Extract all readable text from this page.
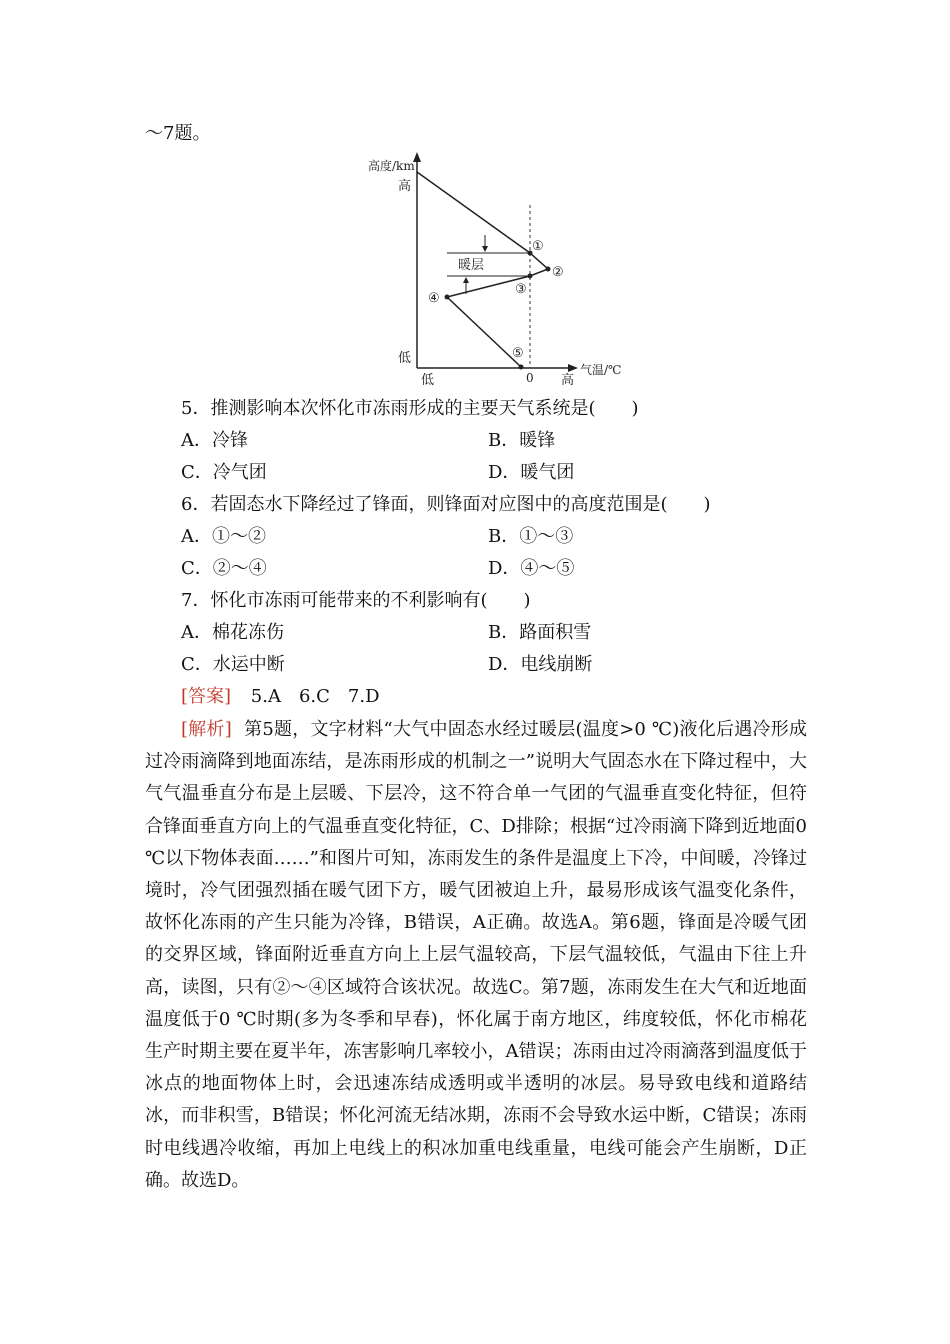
～7题。
高度/km
高
低
低	0 高
气温/℃
暖层
①
②
③
④
⑤
5．推测影响本次怀化市冻雨形成的主要天气系统是(　　)
A．冷锋	B．暖锋
C．冷气团	D．暖气团
6．若固态水下降经过了锋面，则锋面对应图中的高度范围是(　　)
A．①～②	B．①～③
C．②～④	D．④～⑤
7．怀化市冻雨可能带来的不利影响有(　　)
A．棉花冻伤	B．路面积雪
C．水运中断	D．电线崩断
[答案] 5.A　6.C　7.D
[解析] 第5题，文字材料“大气中固态水经过暖层(温度>0 ℃)液化后遇冷形成过冷雨滴降到地面冻结，是冻雨形成的机制之一”说明大气固态水在下降过程中，大气气温垂直分布是上层暖、下层冷，这不符合单一气团的气温垂直变化特征，但符合锋面垂直方向上的气温垂直变化特征，C、D排除；根据“过冷雨滴下降到近地面0 ℃以下物体表面……”和图片可知，冻雨发生的条件是温度上下冷，中间暖，冷锋过境时，冷气团强烈插在暖气团下方，暖气团被迫上升，最易形成该气温变化条件，故怀化冻雨的产生只能为冷锋，B错误，A正确。故选A。第6题，锋面是冷暖气团的交界区域，锋面附近垂直方向上上层气温较高，下层气温较低，气温由下往上升高，读图，只有②～④区域符合该状况。故选C。第7题，冻雨发生在大气和近地面温度低于0 ℃时期(多为冬季和早春)，怀化属于南方地区，纬度较低，怀化市棉花生产时期主要在夏半年，冻害影响几率较小，A错误；冻雨由过冷雨滴落到温度低于冰点的地面物体上时，会迅速冻结成透明或半透明的冰层。易导致电线和道路结冰，而非积雪，B错误；怀化河流无结冰期，冻雨不会导致水运中断，C错误；冻雨时电线遇冷收缩，再加上电线上的积冰加重电线重量，电线可能会产生崩断，D正确。故选D。
